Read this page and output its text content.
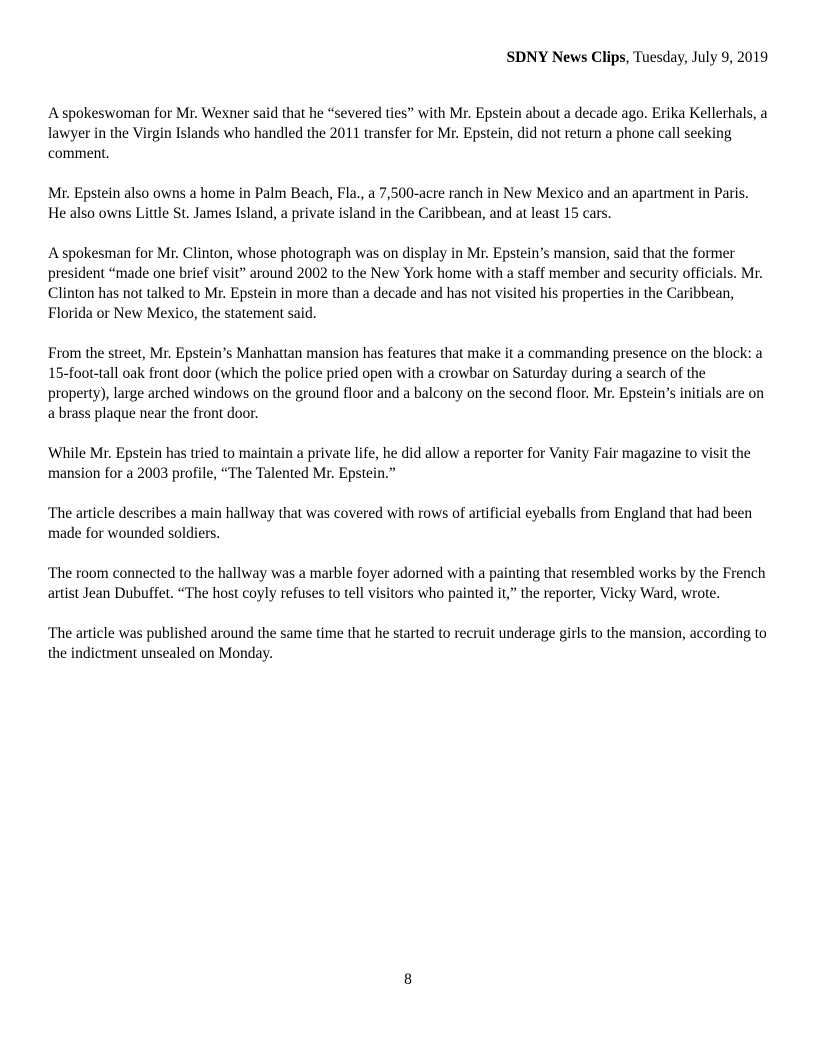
SDNY News Clips, Tuesday, July 9, 2019

A spokeswoman for Mr. Wexner said that he “severed ties” with Mr. Epstein about a decade ago. Erika Kellerhals, a lawyer in the Virgin Islands who handled the 2011 transfer for Mr. Epstein, did not return a phone call seeking comment.

Mr. Epstein also owns a home in Palm Beach, Fla., a 7,500-acre ranch in New Mexico and an apartment in Paris. He also owns Little St. James Island, a private island in the Caribbean, and at least 15 cars.

A spokesman for Mr. Clinton, whose photograph was on display in Mr. Epstein’s mansion, said that the former president “made one brief visit” around 2002 to the New York home with a staff member and security officials. Mr. Clinton has not talked to Mr. Epstein in more than a decade and has not visited his properties in the Caribbean, Florida or New Mexico, the statement said.

From the street, Mr. Epstein’s Manhattan mansion has features that make it a commanding presence on the block: a 15-foot-tall oak front door (which the police pried open with a crowbar on Saturday during a search of the property), large arched windows on the ground floor and a balcony on the second floor. Mr. Epstein’s initials are on a brass plaque near the front door.

While Mr. Epstein has tried to maintain a private life, he did allow a reporter for Vanity Fair magazine to visit the mansion for a 2003 profile, “The Talented Mr. Epstein.”

The article describes a main hallway that was covered with rows of artificial eyeballs from England that had been made for wounded soldiers.

The room connected to the hallway was a marble foyer adorned with a painting that resembled works by the French artist Jean Dubuffet. “The host coyly refuses to tell visitors who painted it,” the reporter, Vicky Ward, wrote.

The article was published around the same time that he started to recruit underage girls to the mansion, according to the indictment unsealed on Monday.

8
